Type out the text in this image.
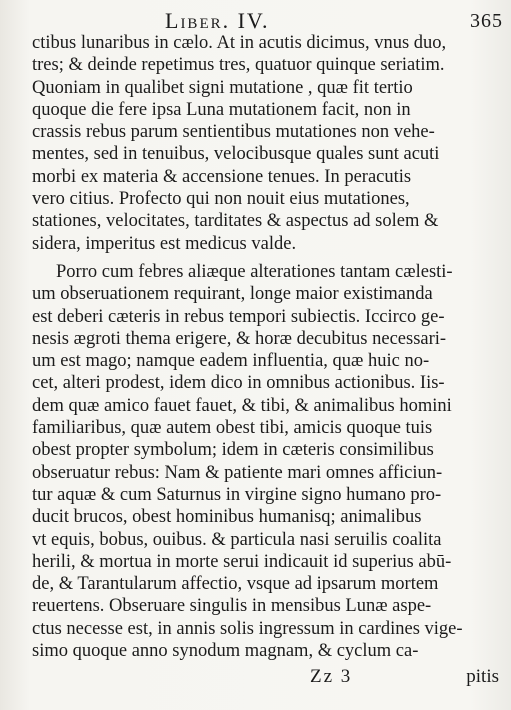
Liber. IV.	365
ctibus lunaribus in cælo. At in acutis dicimus, vnus duo,
tres; & deinde repetimus tres, quatuor quinque seriatim.
Quoniam in qualibet signi mutatione , quæ fit tertio
quoque die fere ipsa Luna mutationem facit, non in
crassis rebus parum sentientibus mutationes non vehe-
mentes, sed in tenuibus, velocibusque quales sunt acuti
morbi ex materia & accensione tenues. In peracutis
vero citius. Profecto qui non nouit eius mutationes,
stationes, velocitates, tarditates & aspectus ad solem &
sidera, imperitus est medicus valde.
Porro cum febres aliæque alterationes tantam cælesti-
um obseruationem requirant, longe maior existimanda
est deberi cæteris in rebus tempori subiectis. Iccirco ge-
nesis ægroti thema erigere, & horæ decubitus necessari-
um est mago; namque eadem influentia, quæ huic no-
cet, alteri prodest, idem dico in omnibus actionibus. Iis-
dem quæ amico fauet fauet, & tibi, & animalibus homini
familiaribus, quæ autem obest tibi, amicis quoque tuis
obest propter symbolum; idem in cæteris consimilibus
obseruatur rebus: Nam & patiente mari omnes afficiun-
tur aquæ & cum Saturnus in virgine signo humano pro-
ducit brucos, obest hominibus humanisq; animalibus
vt equis, bobus, ouibus. & particula nasi seruilis coalita
herili, & mortua in morte serui indicauit id superius abū-
de, & Tarantularum affectio, vsque ad ipsarum mortem
reuertens. Obseruare singulis in mensibus Lunæ aspe-
ctus necesse est, in annis solis ingressum in cardines vige-
simo quoque anno synodum magnam, & cyclum ca-
Zz 3	pitis
